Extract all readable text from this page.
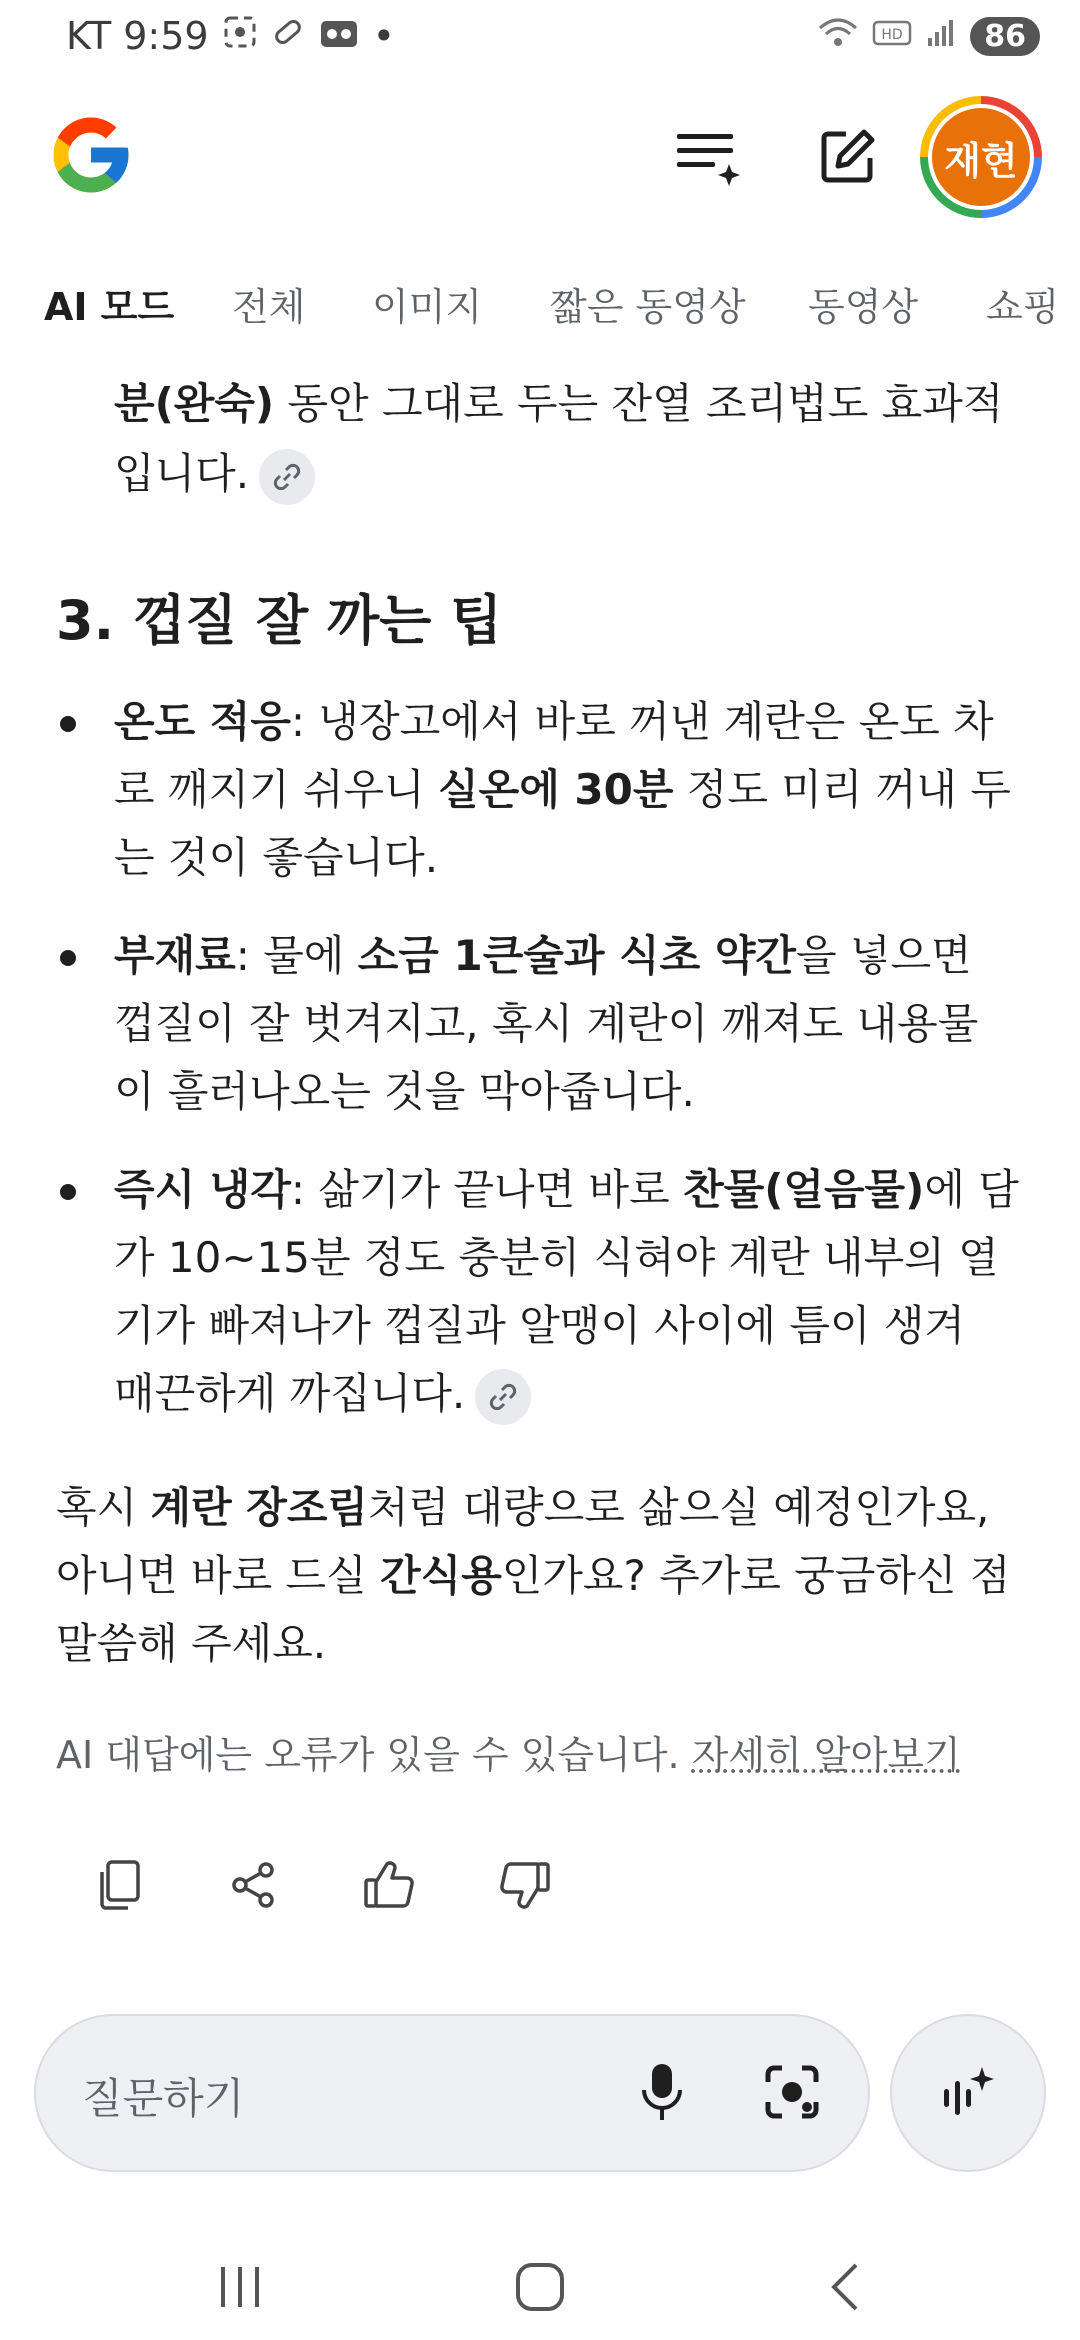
KT 9:59	•	HD	86
재현
AI 모드 전체 이미지 짧은 동영상 동영상 쇼핑
분(완숙) 동안 그대로 두는 잔열 조리법도 효과적
입니다.
3. 껍질 잘 까는 팁
온도 적응: 냉장고에서 바로 꺼낸 계란은 온도 차
로 깨지기 쉬우니 실온에 30분 정도 미리 꺼내 두
는 것이 좋습니다.
부재료: 물에 소금 1큰술과 식초 약간을 넣으면
껍질이 잘 벗겨지고, 혹시 계란이 깨져도 내용물
이 흘러나오는 것을 막아줍니다.
즉시 냉각: 삶기가 끝나면 바로 찬물(얼음물)에 담
가 10~15분 정도 충분히 식혀야 계란 내부의 열
기가 빠져나가 껍질과 알맹이 사이에 틈이 생겨
매끈하게 까집니다.
혹시 계란 장조림처럼 대량으로 삶으실 예정인가요,
아니면 바로 드실 간식용인가요? 추가로 궁금하신 점
말씀해 주세요.
AI 대답에는 오류가 있을 수 있습니다. 자세히 알아보기
질문하기
